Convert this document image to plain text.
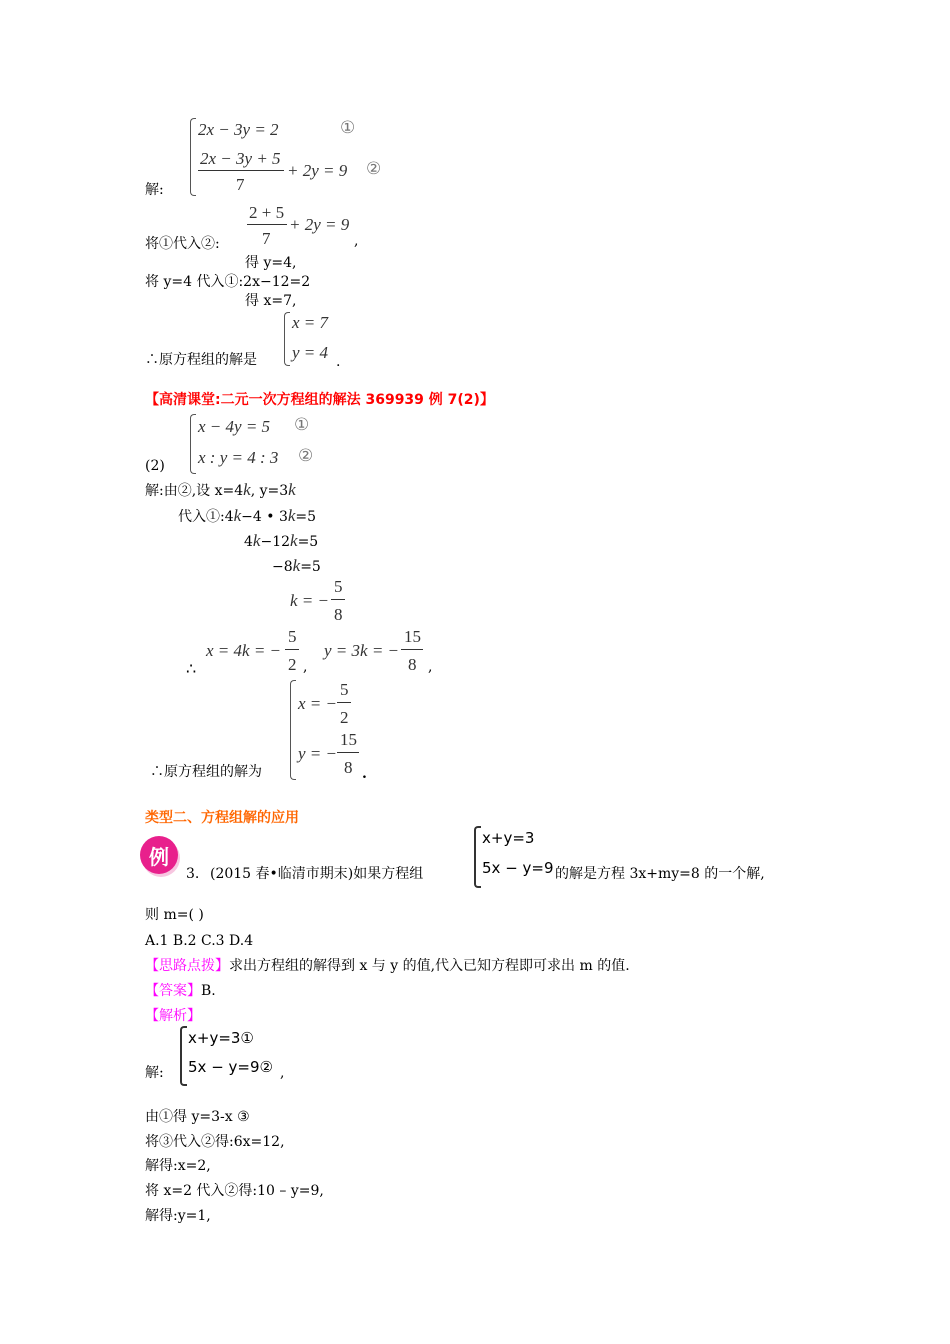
2x − 3y = 2	①
2x − 3y + 5
7
+ 2y = 9 ②
解:
将①代入②:
2 + 5
7
+ 2y = 9
,
得 y=4,
将 y=4 代入①:2x−12=2
得 x=7,
x = 7
y = 4
∴原方程组的解是	.
【高清课堂:二元一次方程组的解法 369939 例 7(2)】
x − 4y = 5 ①
x : y = 4 : 3 ②
(2)
解:由②,设 x=4k, y=3k
代入①:4k−4 • 3k=5
4k−12k=5
−8k=5
k = −
5
8
∴
x = 4k = −
5
2 ,
y = 3k = −
15
8 ,
x = −
5
2
y = −
15
8
∴原方程组的解为	.
类型二、方程组解的应用
例
3. (2015 春•临清市期末)如果方程组
x+y=3
5x − y=9 的解是方程 3x+my=8 的一个解,
则 m=( )
A.1 B.2 C.3 D.4
【思路点拨】求出方程组的解得到 x 与 y 的值,代入已知方程即可求出 m 的值.
【答案】B.
【解析】
x+y=3①
5x − y=9②
解:	,
由①得 y=3-x ③
将③代入②得:6x=12,
解得:x=2,
将 x=2 代入②得:10 – y=9,
解得:y=1,
